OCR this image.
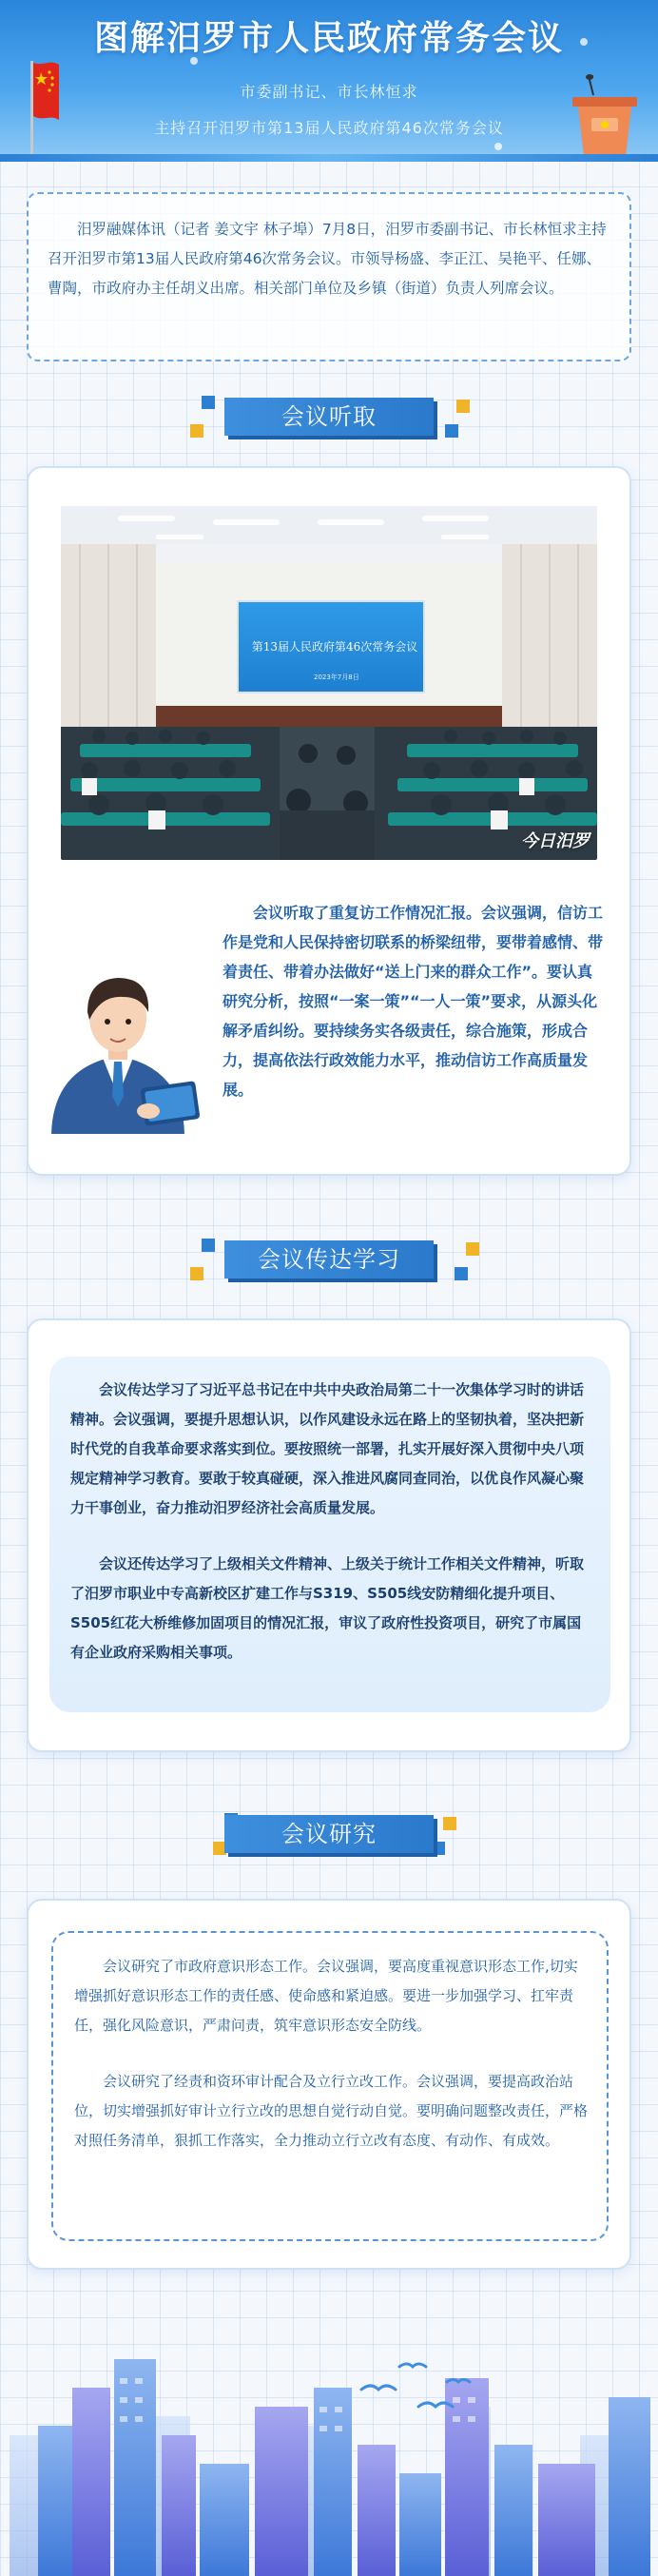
图解汨罗市人民政府常务会议
市委副书记、市长林恒求
主持召开汨罗市第13届人民政府第46次常务会议
汨罗融媒体讯（记者 姜文宇 林子埠）7月8日，汨罗市委副书记、市长林恒求主持召开汨罗市第13届人民政府第46次常务会议。市领导杨盛、李正江、吴艳平、任娜、曹陶，市政府办主任胡义出席。相关部门单位及乡镇（街道）负责人列席会议。
会议听取
第13届人民政府第46次常务会议
2023年7月8日
今日汨罗
会议听取了重复访工作情况汇报。会议强调，信访工作是党和人民保持密切联系的桥梁纽带，要带着感情、带着责任、带着办法做好“送上门来的群众工作”。要认真研究分析，按照“一案一策”“一人一策”要求，从源头化解矛盾纠纷。要持续务实各级责任，综合施策，形成合力，提高依法行政效能力水平，推动信访工作高质量发展。
会议传达学习

会议传达学习了习近平总书记在中共中央政治局第二十一次集体学习时的讲话精神。会议强调，要提升思想认识，以作风建设永远在路上的坚韧执着，坚决把新时代党的自我革命要求落实到位。要按照统一部署，扎实开展好深入贯彻中央八项规定精神学习教育。要敢于较真碰硬，深入推进风腐同查同治，以优良作风凝心聚力干事创业，奋力推动汨罗经济社会高质量发展。

会议还传达学习了上级相关文件精神、上级关于统计工作相关文件精神，听取了汨罗市职业中专高新校区扩建工作与S319、S505线安防精细化提升项目、S505红花大桥维修加固项目的情况汇报，审议了政府性投资项目，研究了市属国有企业政府采购相关事项。

会议研究

会议研究了市政府意识形态工作。会议强调，要高度重视意识形态工作,切实增强抓好意识形态工作的责任感、使命感和紧迫感。要进一步加强学习、扛牢责任，强化风险意识，严肃问责，筑牢意识形态安全防线。

会议研究了经责和资环审计配合及立行立改工作。会议强调，要提高政治站位，切实增强抓好审计立行立改的思想自觉行动自觉。要明确问题整改责任，严格对照任务清单，狠抓工作落实，全力推动立行立改有态度、有动作、有成效。
